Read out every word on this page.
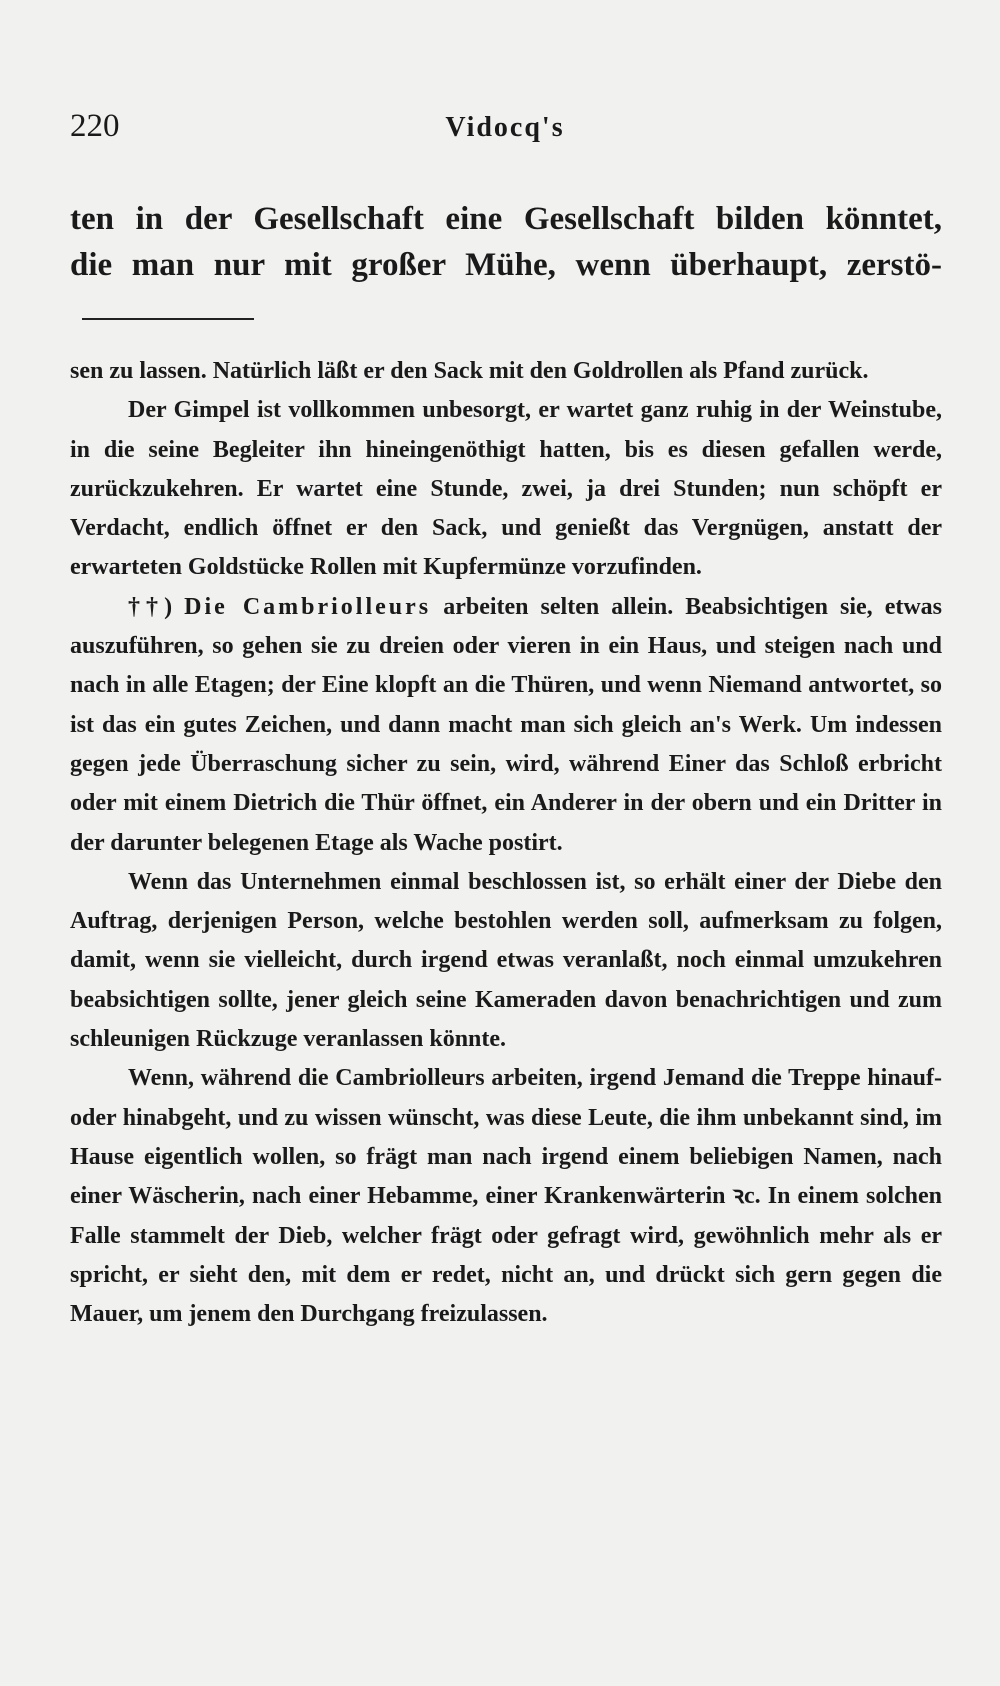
220	Vidocq's
ten in der Gesellschaft eine Gesellschaft bilden könntet,
die man nur mit großer Mühe, wenn überhaupt, zerstö-

sen zu lassen. Natürlich läßt er den Sack mit den Goldrollen als Pfand zurück.

Der Gimpel ist vollkommen unbesorgt, er wartet ganz ruhig in der Weinstube, in die seine Begleiter ihn hineingenöthigt hatten, bis es diesen gefallen werde, zurückzukehren. Er wartet eine Stunde, zwei, ja drei Stunden; nun schöpft er Verdacht, endlich öffnet er den Sack, und genießt das Vergnügen, anstatt der erwarteten Goldstücke Rollen mit Kupfermünze vorzufinden.

††) Die Cambriolleurs arbeiten selten allein. Beabsichtigen sie, etwas auszuführen, so gehen sie zu dreien oder vieren in ein Haus, und steigen nach und nach in alle Etagen; der Eine klopft an die Thüren, und wenn Niemand antwortet, so ist das ein gutes Zeichen, und dann macht man sich gleich an's Werk. Um indessen gegen jede Überraschung sicher zu sein, wird, während Einer das Schloß erbricht oder mit einem Dietrich die Thür öffnet, ein Anderer in der obern und ein Dritter in der darunter belegenen Etage als Wache postirt.

Wenn das Unternehmen einmal beschlossen ist, so erhält einer der Diebe den Auftrag, derjenigen Person, welche bestohlen werden soll, aufmerksam zu folgen, damit, wenn sie vielleicht, durch irgend etwas veranlaßt, noch einmal umzukehren beabsichtigen sollte, jener gleich seine Kameraden davon benachrichtigen und zum schleunigen Rückzuge veranlassen könnte.

Wenn, während die Cambriolleurs arbeiten, irgend Jemand die Treppe hinauf- oder hinabgeht, und zu wissen wünscht, was diese Leute, die ihm unbekannt sind, im Hause eigentlich wollen, so frägt man nach irgend einem beliebigen Namen, nach einer Wäscherin, nach einer Hebamme, einer Krankenwärterin ꝛc. In einem solchen Falle stammelt der Dieb, welcher frägt oder gefragt wird, gewöhnlich mehr als er spricht, er sieht den, mit dem er redet, nicht an, und drückt sich gern gegen die Mauer, um jenem den Durchgang freizulassen.
